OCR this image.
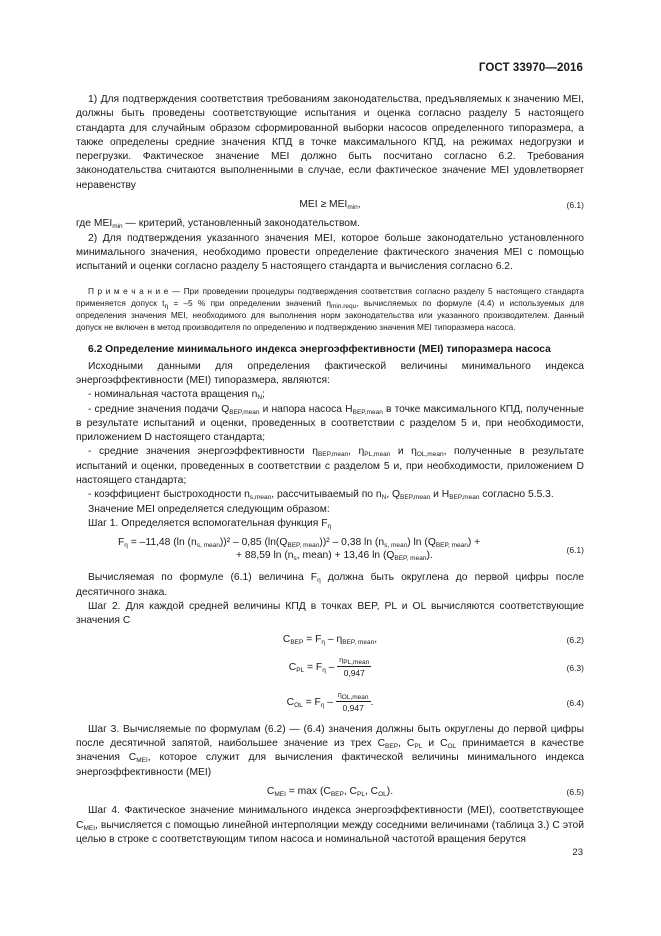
ГОСТ 33970—2016

1) Для подтверждения соответствия требованиям законодательства, предъявляемых к значению MEI, должны быть проведены соответствующие испытания и оценка согласно разделу 5 настоящего стандарта для случайным образом сформированной выборки насосов определенного типоразмера, а также определены средние значения КПД в точке максимального КПД, на режимах недогрузки и перегрузки. Фактическое значение MEI должно быть посчитано согласно 6.2. Требования законодательства считаются выполненными в случае, если фактическое значение MEI удовлетворяет неравенству

MEI ≥ $MEI_{min}$,	(6.1)

где $MEI_{min}$ — критерий, установленный законодательством.

2) Для подтверждения указанного значения MEI, которое больше законодательно установленного минимального значения, необходимо провести определение фактического значения MEI с помощью испытаний и оценки согласно разделу 5 настоящего стандарта и вычисления согласно 6.2.

П р и м е ч а н и е — При проведении процедуры подтверждения соответствия согласно разделу 5 настоящего стандарта применяется допуск $t_\eta = -5$ % при определении значений $\eta_{min.requ}$, вычисляемых по формуле (4.4) и используемых для определения значения MEI, необходимого для выполнения норм законодательства или указанного производителем. Данный допуск не включен в метод производителя по определению и подтверждению значения MEI типоразмера насоса.

6.2 Определение минимального индекса энергоэффективности (MEI) типоразмера насоса

Исходными данными для определения фактической величины минимального индекса энергоэффективности (MEI) типоразмера, являются:

- номинальная частота вращения $n_N$;

- средние значения подачи $Q_{BEP,mean}$ и напора насоса $H_{BEP,mean}$ в точке максимального КПД, полученные в результате испытаний и оценки, проведенных в соответствии с разделом 5 и, при необходимости, приложением D настоящего стандарта;

- средние значения энергоэффективности $\eta_{BEP,mean}$, $\eta_{PL,mean}$ и $\eta_{OL,mean}$, полученные в результате испытаний и оценки, проведенных в соответствии с разделом 5 и, при необходимости, приложением D настоящего стандарта;

- коэффициент быстроходности $n_{s,mean}$, рассчитываемый по $n_N$, $Q_{BEP,mean}$ и $H_{BEP,mean}$ согласно 5.5.3.

Значение MEI определяется следующим образом:

Шаг 1. Определяется вспомогательная функция $F_\eta$

$F_\eta = -11,48$ (ln $(n_{s, mean}))^2 - 0,85$ $(\ln(Q_{BEP, mean}))^2 - 0,38$ $\ln (n_{s, mean})$ $\ln (Q_{BEP, mean})$ +
+ 88,59 $\ln (n_s$, mean) + 13,46 $\ln (Q_{BEP, mean})$.	(6.1)

Вычисляемая по формуле (6.1) величина $F_\eta$ должна быть округлена до первой цифры после десятичного знака.

Шаг 2. Для каждой средней величины КПД в точках BEP, PL и OL вычисляются соответствующие значения C

$C_{BEP} = F_\eta - \eta_{BEP, mean}$,	(6.2)
$C_{PL} = F_\eta - \frac{\eta_{PL,mean}}{0,947}$	(6.3)
$C_{OL} = F_\eta - \frac{\eta_{OL,mean}}{0,947}$ .	(6.4)

Шаг 3. Вычисляемые по формулам (6.2) — (6.4) значения должны быть округлены до первой цифры после десятичной запятой, наибольшее значение из трех $C_{BEP}$, $C_{PL}$ и $C_{OL}$ принимается в качестве значения $C_{MEI}$, которое служит для вычисления фактической величины минимального индекса энергоэффективности (MEI)

$C_{MEI} = \max (C_{BEP}$, $C_{PL}$, $C_{OL}$).	(6.5)

Шаг 4. Фактическое значение минимального индекса энергоэффективности (MEI), соответствующее $C_{MEI}$, вычисляется с помощью линейной интерполяции между соседними величинами (таблица 3.) С этой целью в строке с соответствующим типом насоса и номинальной частотой вращения берутся

23
